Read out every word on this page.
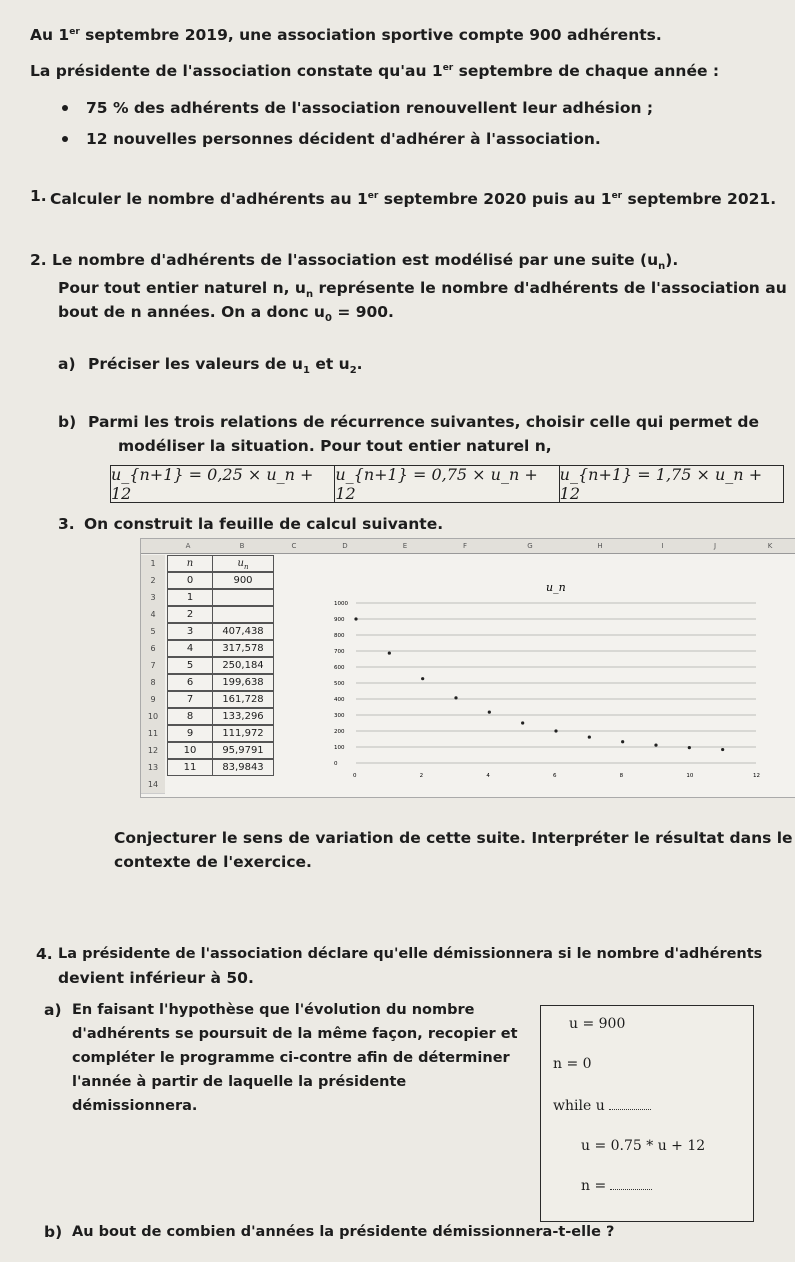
Au 1er septembre 2019, une association sportive compte 900 adhérents.
La présidente de l'association constate qu'au 1er septembre de chaque année :
75 % des adhérents de l'association renouvellent leur adhésion ;
12 nouvelles personnes décident d'adhérer à l'association.
1. Calculer le nombre d'adhérents au 1er septembre 2020 puis au 1er septembre 2021.
2. Le nombre d'adhérents de l'association est modélisé par une suite $(u_n)$.
Pour tout entier naturel n, $u_n$ représente le nombre d'adhérents de l'association au
bout de n années. On a donc $u_0 = 900$.
a) Préciser les valeurs de $u_1$ et $u_2$.
b) Parmi les trois relations de récurrence suivantes, choisir celle qui permet de
modéliser la situation. Pour tout entier naturel n,
u_{n+1} = 0,25 × u_n + 12
u_{n+1} = 0,75 × u_n + 12
u_{n+1} = 1,75 × u_n + 12
3. On construit la feuille de calcul suivante.
A	B	C	D	E	F	G	H	I	J	K
1
2
3
4
5
6
7
8
9
10
11
12
13
14
n	$u_n$
0	900
1
2
3	407,438
4	317,578
5	250,184
6	199,638
7	161,728
8	133,296
9	111,972
10	95,9791
11	83,9843
u_n
0
100
200
300
400
500
600
700
800
900
1000
0	2	4	6	8	10	12
Conjecturer le sens de variation de cette suite. Interpréter le résultat dans le
contexte de l'exercice.
4. La présidente de l'association déclare qu'elle démissionnera si le nombre d'adhérents
devient inférieur à 50.
a) En faisant l'hypothèse que l'évolution du nombre
d'adhérents se poursuit de la même façon, recopier et
compléter le programme ci-contre afin de déterminer
l'année à partir de laquelle la présidente
démissionnera.
u = 900
n = 0
while u
u = 0.75 * u + 12
n =
b) Au bout de combien d'années la présidente démissionnera-t-elle ?
